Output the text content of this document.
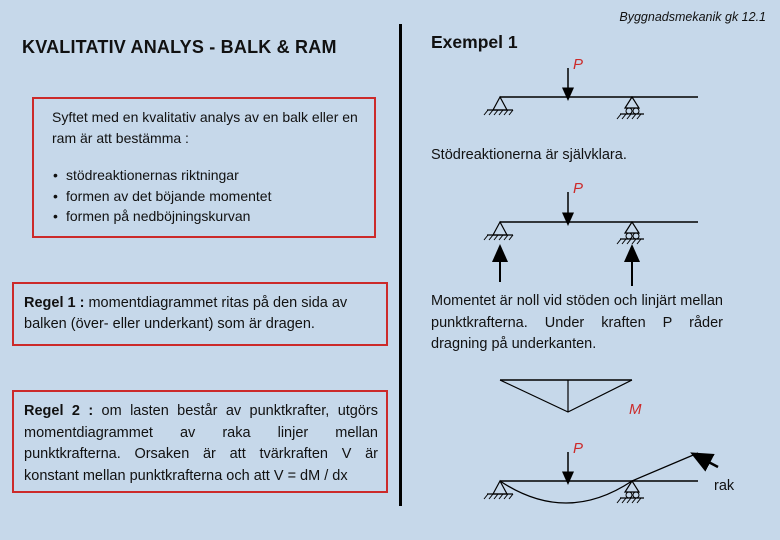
Byggnadsmekanik gk 12.1
KVALITATIV ANALYS - BALK & RAM
Syftet med en kvalitativ analys av en balk eller en ram är att bestämma :
• stödreaktionernas riktningar
• formen av det böjande momentet
• formen på nedböjningskurvan
Regel 1 : momentdiagrammet ritas på den sida av balken (över- eller underkant) som är dragen.
Regel 2 : om lasten består av punktkrafter, utgörs momentdiagrammet av raka linjer mellan punktkrafterna. Orsaken är att tvärkraften V är konstant mellan punktkrafterna och att V = dM / dx
Exempel 1
Stödreaktionerna är självklara.
Momentet är noll vid stöden och linjärt mellan punktkrafterna. Under kraften P råder dragning på underkanten.
rak
P
P
M
P
